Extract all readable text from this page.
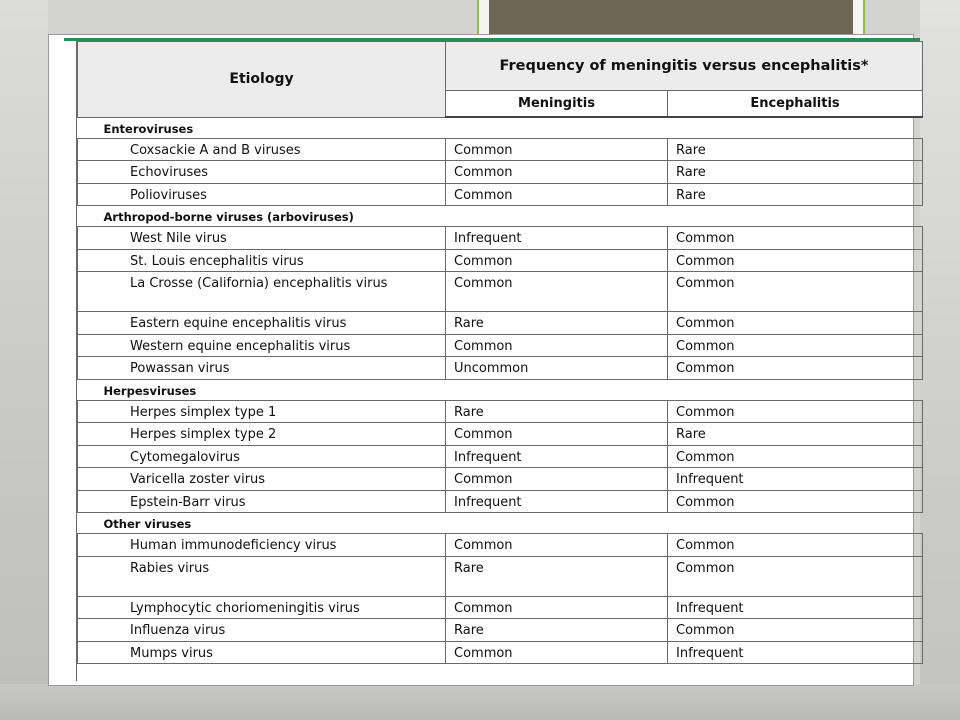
Etiology	Frequency of meningitis versus encephalitis*	
	Meningitis	Encephalitis
Enteroviruses		
Coxsackie A and B viruses	Common	Rare
Echoviruses	Common	Rare
Polioviruses	Common	Rare
Arthropod-borne viruses (arboviruses)		
West Nile virus	Infrequent	Common
St. Louis encephalitis virus	Common	Common
La Crosse (California) encephalitis virus	Common	Common
Eastern equine encephalitis virus	Rare	Common
Western equine encephalitis virus	Common	Common
Powassan virus	Uncommon	Common
Herpesviruses		
Herpes simplex type 1	Rare	Common
Herpes simplex type 2	Common	Rare
Cytomegalovirus	Infrequent	Common
Varicella zoster virus	Common	Infrequent
Epstein-Barr virus	Infrequent	Common
Other viruses		
Human immunodeficiency virus	Common	Common
Rabies virus	Rare	Common
Lymphocytic choriomeningitis virus	Common	Infrequent
Influenza virus	Rare	Common
Mumps virus	Common	Infrequent
